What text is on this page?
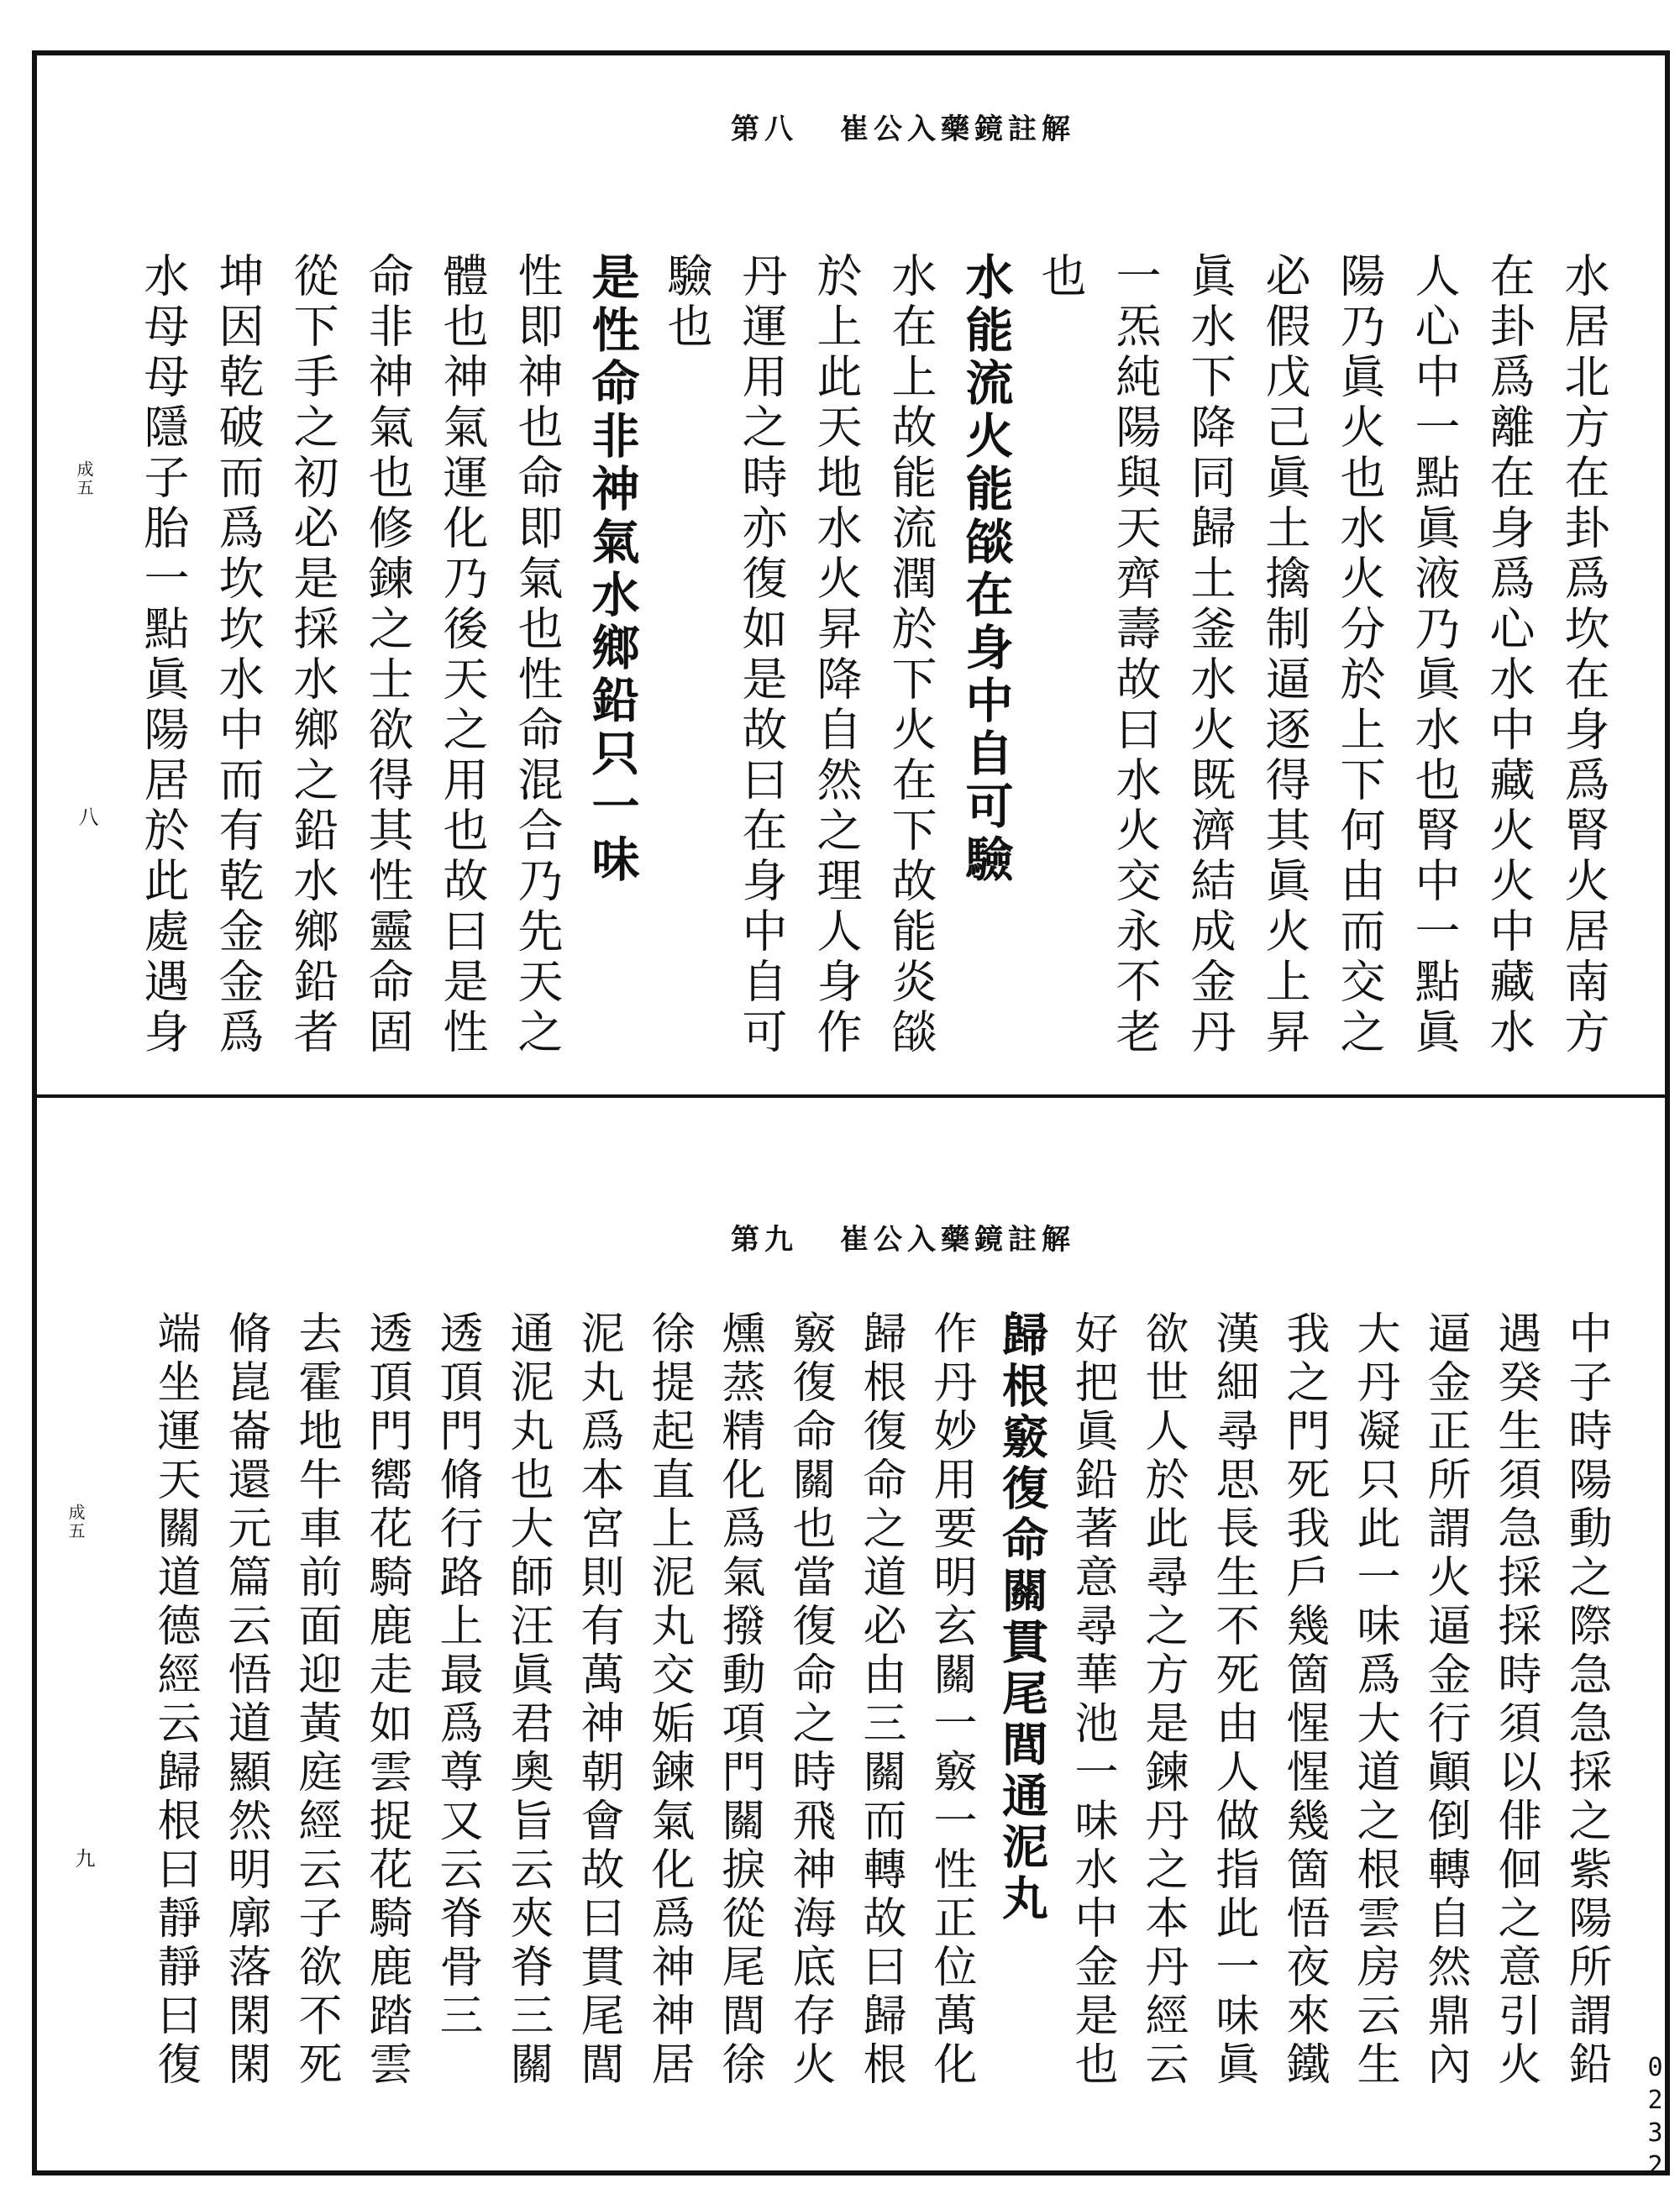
崔公入藥鏡註解
第八
水居北方在卦爲坎在身爲腎火居南方
在卦爲離在身爲心水中藏火火中藏水
人心中一點眞液乃眞水也腎中一點眞
陽乃眞火也水火分於上下何由而交之
必假戊己眞土擒制逼逐得其眞火上昇
眞水下降同歸土釜水火既濟結成金丹
一炁純陽與天齊壽故曰水火交永不老
也
水能流火能燄在身中自可驗
水在上故能流潤於下火在下故能炎燄
於上此天地水火昇降自然之理人身作
丹運用之時亦復如是故曰在身中自可
驗也
是性命非神氣水鄉鉛只一味
性即神也命即氣也性命混合乃先天之
體也神氣運化乃後天之用也故曰是性
命非神氣也修鍊之士欲得其性靈命固
從下手之初必是採水鄉之鉛水鄉鉛者
坤因乾破而爲坎坎水中而有乾金金爲
水母母隱子胎一點眞陽居於此處遇身
成五
八
崔公入藥鏡註解
第九
中子時陽動之際急急採之紫陽所謂鉛
遇癸生須急採採時須以俳佪之意引火
逼金正所謂火逼金行顚倒轉自然鼎內
大丹凝只此一味爲大道之根雲房云生
我之門死我戶幾箇惺惺幾箇悟夜來鐵
漢細尋思長生不死由人做指此一味眞
欲世人於此尋之方是鍊丹之本丹經云
好把眞鉛著意尋華池一味水中金是也
歸根竅復命關貫尾閭通泥丸
作丹妙用要明玄關一竅一性正位萬化
歸根復命之道必由三關而轉故曰歸根
竅復命關也當復命之時飛神海底存火
燻蒸精化爲氣撥動項門關捩從尾閭徐
徐提起直上泥丸交姤鍊氣化爲神神居
泥丸爲本宮則有萬神朝會故曰貫尾閭
通泥丸也大師汪眞君奧旨云夾脊三關
透頂門脩行路上最爲尊又云脊骨三
透頂門嚮花騎鹿走如雲捉花騎鹿踏雲
去霍地牛車前面迎黃庭經云子欲不死
脩崑崙還元篇云悟道顯然明廓落閑閑
端坐運天關道德經云歸根曰靜靜曰復
成五
九
0232
